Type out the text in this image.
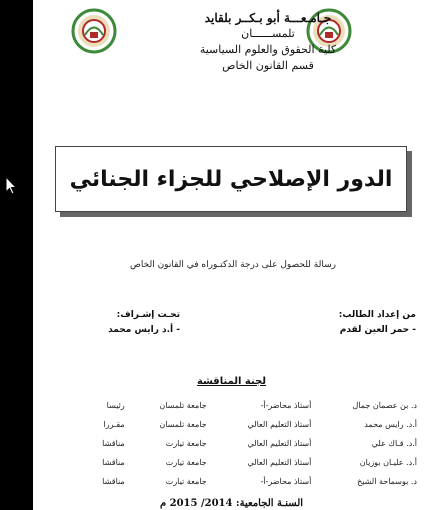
جـامـعـــة أبو بـكــر بلقايد
تلمســــــان
كلية الحقوق والعلوم السياسية
قسم القانون الخاص
الدور الإصلاحي للجزاء الجنائي
رسالة للحصول على درجة الدكتـوراه في القانون الخاص
من إعداد الطالب:
- حمر العين لقدم
تحـت إشـراف:
- أ.د رايس محمد
لجنة المناقشة
د. بن عصمان جمال	أستاذ محاضر-أ-	جامعة تلمسان	رئيسا
أ.د. رايس محمد	أستاذ التعليم العالي	جامعة تلمسان	مقـررا
أ.د. قـاك علي	أستاذ التعليم العالي	جامعة تيارت	مناقشا
أ.د. عليـان بوزيان	أستاذ التعليم العالي	جامعة تيارت	مناقشا
د. بوسماحة الشيخ	أستاذ محاضر-أ-	جامعة تيارت	مناقشا
السنـة الجامعية: 2014/ 2015 م
